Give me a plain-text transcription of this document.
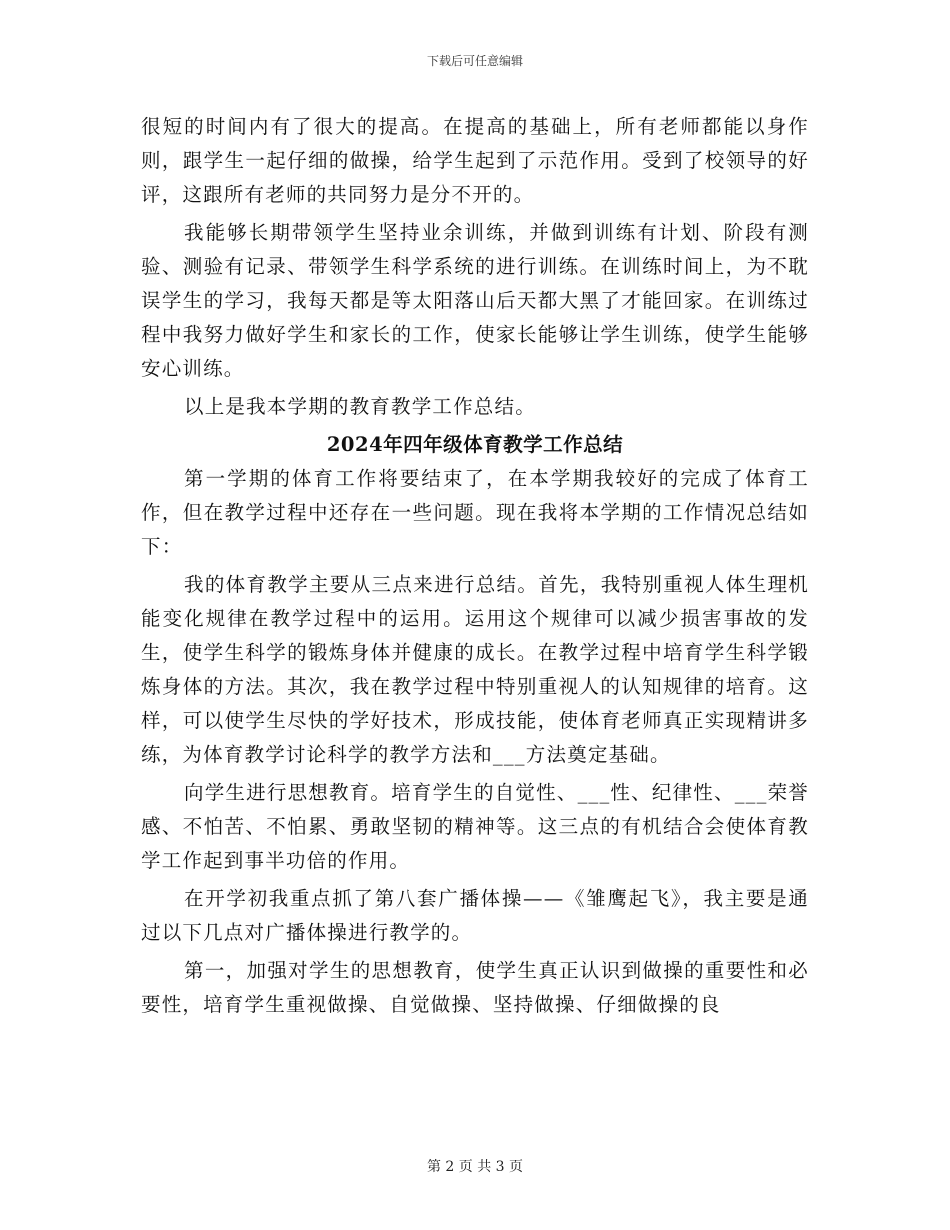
下载后可任意编辑

很短的时间内有了很大的提高。在提高的基础上，所有老师都能以身作则，跟学生一起仔细的做操，给学生起到了示范作用。受到了校领导的好评，这跟所有老师的共同努力是分不开的。

我能够长期带领学生坚持业余训练，并做到训练有计划、阶段有测验、测验有记录、带领学生科学系统的进行训练。在训练时间上，为不耽误学生的学习，我每天都是等太阳落山后天都大黑了才能回家。在训练过程中我努力做好学生和家长的工作，使家长能够让学生训练，使学生能够安心训练。

以上是我本学期的教育教学工作总结。

2024年四年级体育教学工作总结

第一学期的体育工作将要结束了，在本学期我较好的完成了体育工作，但在教学过程中还存在一些问题。现在我将本学期的工作情况总结如下：

我的体育教学主要从三点来进行总结。首先，我特别重视人体生理机能变化规律在教学过程中的运用。运用这个规律可以减少损害事故的发生，使学生科学的锻炼身体并健康的成长。在教学过程中培育学生科学锻炼身体的方法。其次，我在教学过程中特别重视人的认知规律的培育。这样，可以使学生尽快的学好技术，形成技能，使体育老师真正实现精讲多练，为体育教学讨论科学的教学方法和___方法奠定基础。

向学生进行思想教育。培育学生的自觉性、___性、纪律性、___荣誉感、不怕苦、不怕累、勇敢坚韧的精神等。这三点的有机结合会使体育教学工作起到事半功倍的作用。

在开学初我重点抓了第八套广播体操——《雏鹰起飞》，我主要是通过以下几点对广播体操进行教学的。

第一，加强对学生的思想教育，使学生真正认识到做操的重要性和必要性，培育学生重视做操、自觉做操、坚持做操、仔细做操的良

第 2 页 共 3 页
